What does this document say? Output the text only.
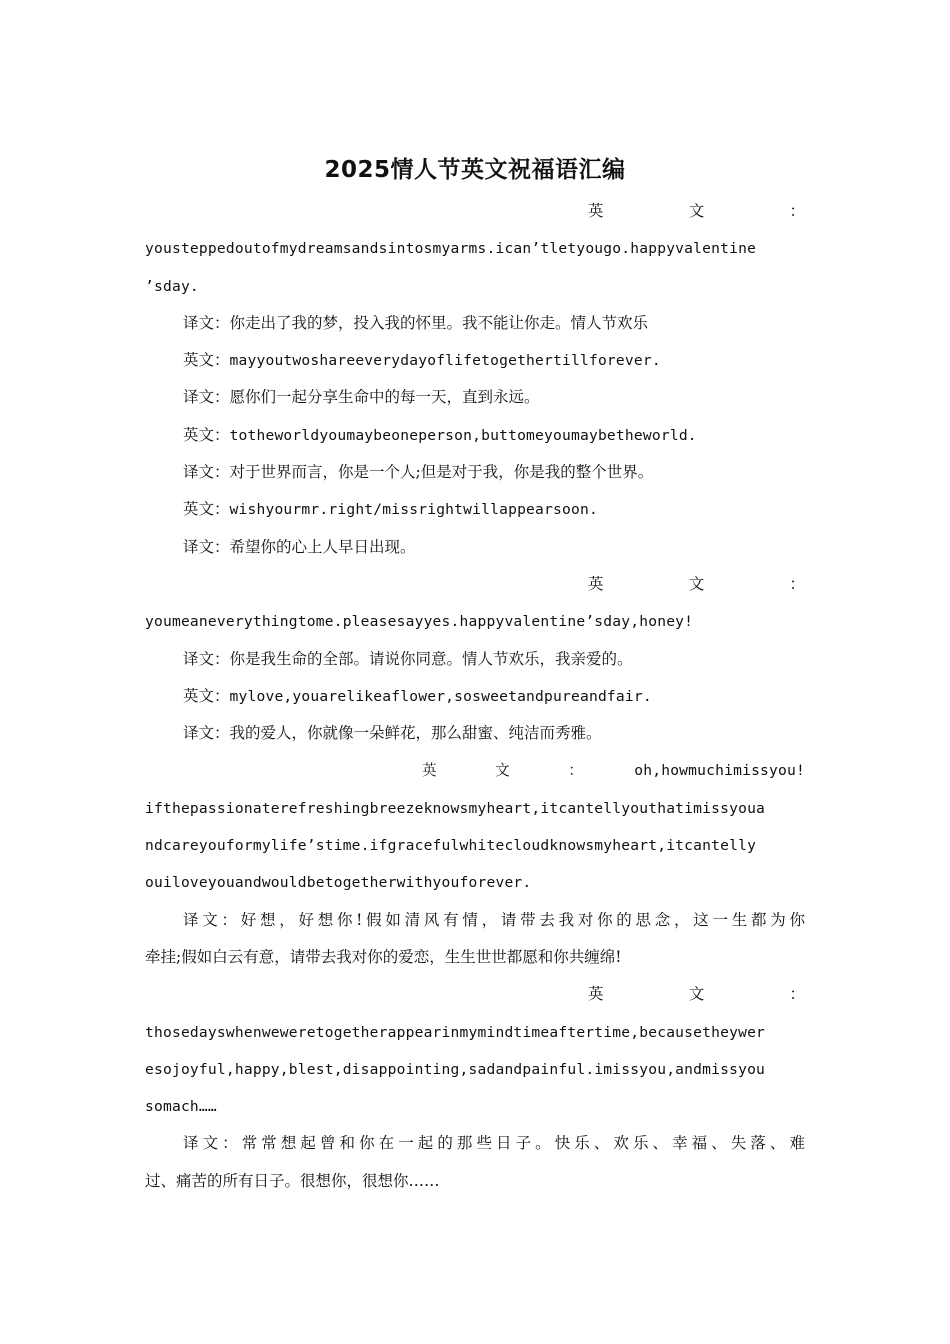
2025情人节英文祝福语汇编

英　　　文　　　：

yousteppedoutofmydreamsandsintosmyarms.ican’tletyougo.happyvalentine

’sday.

译文：你走出了我的梦，投入我的怀里。我不能让你走。情人节欢乐

英文：mayyoutwoshareeverydayoflifetogethertillforever.

译文：愿你们一起分享生命中的每一天，直到永远。

英文：totheworldyoumaybeoneperson,buttomeyoumaybetheworld.

译文：对于世界而言，你是一个人;但是对于我，你是我的整个世界。

英文：wishyourmr.right/missrightwillappearsoon.

译文：希望你的心上人早日出现。

英　　　文　　　：

youmeaneverythingtome.pleasesayyes.happyvalentine’sday,honey!

译文：你是我生命的全部。请说你同意。情人节欢乐，我亲爱的。

英文：mylove,youarelikeaflower,sosweetandpureandfair.

译文：我的爱人，你就像一朵鲜花，那么甜蜜、纯洁而秀雅。

英　　文　　：　　oh,howmuchimissyou!

ifthepassionaterefreshingbreezeknowsmyheart,itcantellyouthatimissyoua

ndcareyouformylife’stime.ifgracefulwhitecloudknowsmyheart,itcantelly

ouiloveyouandwouldbetogetherwithyouforever.

译文：好想，好想你!假如清风有情，请带去我对你的思念，这一生都为你

牵挂;假如白云有意，请带去我对你的爱恋，生生世世都愿和你共缠绵!

英　　　文　　　：

thosedayswhenweweretogetherappearinmymindtimeaftertime,becausetheywer

esojoyful,happy,blest,disappointing,sadandpainful.imissyou,andmissyou

somach……

译文：常常想起曾和你在一起的那些日子。快乐、欢乐、幸福、失落、难

过、痛苦的所有日子。很想你，很想你……
